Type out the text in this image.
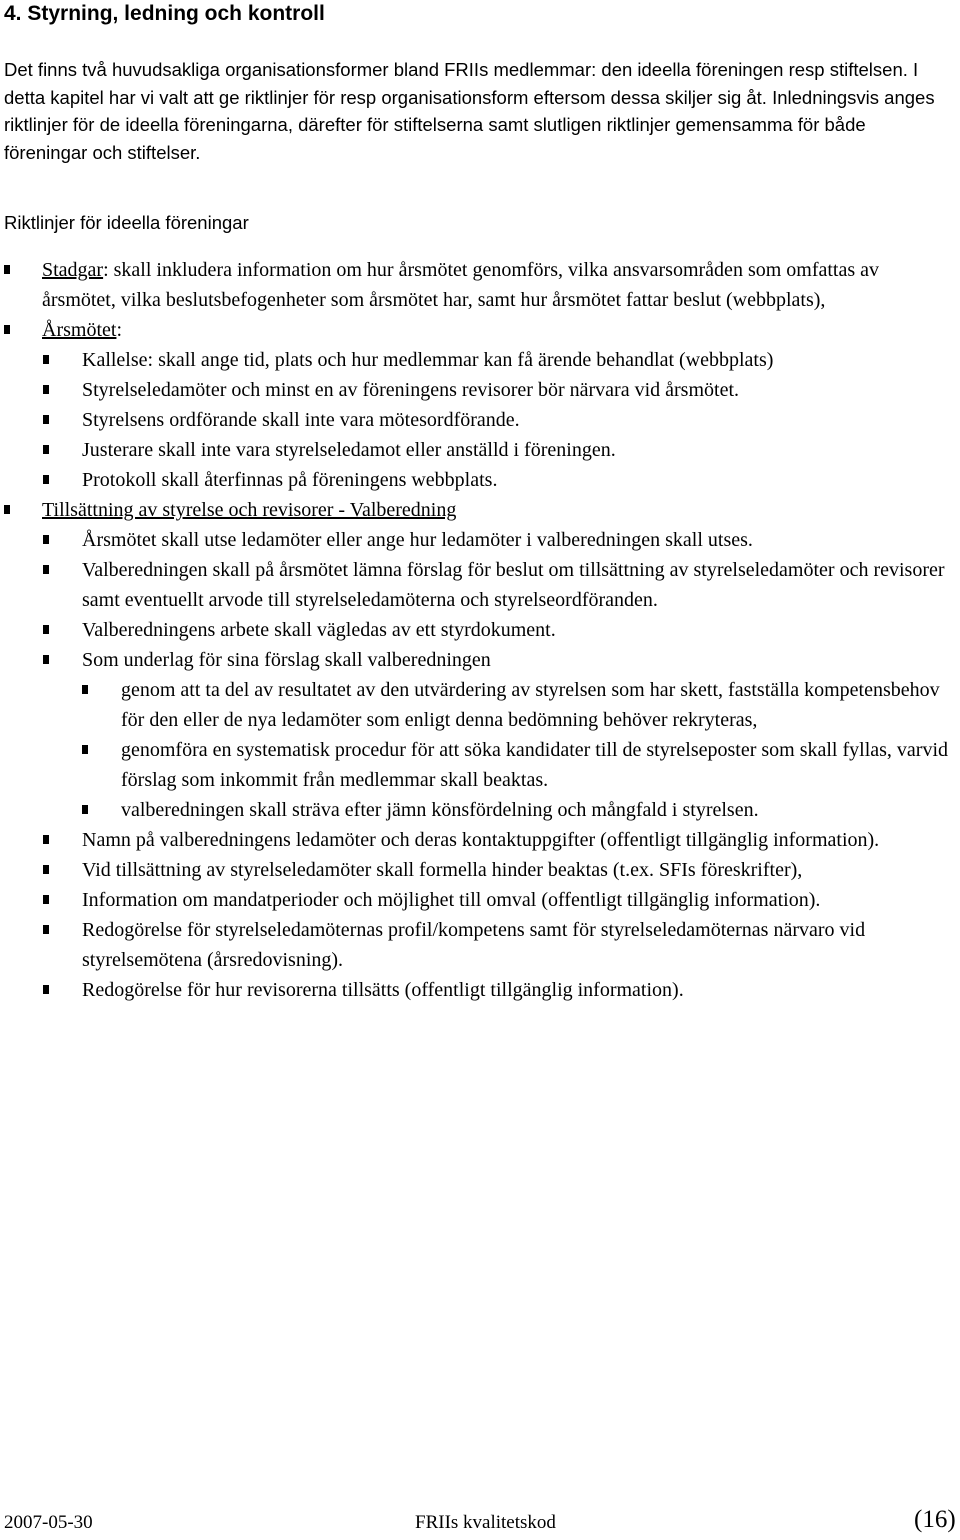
4. Styrning, ledning och kontroll

Det finns två huvudsakliga organisationsformer bland FRIIs medlemmar: den ideella föreningen resp stiftelsen. I detta kapitel har vi valt att ge riktlinjer för resp organisationsform eftersom dessa skiljer sig åt. Inledningsvis anges riktlinjer för de ideella föreningarna, därefter för stiftelserna samt slutligen riktlinjer gemensamma för både föreningar och stiftelser.

Riktlinjer för ideella föreningar

Stadgar: skall inkludera information om hur årsmötet genomförs, vilka ansvarsområden som omfattas av årsmötet, vilka beslutsbefogenheter som årsmötet har, samt hur årsmötet fattar beslut (webbplats),
Årsmötet:
Kallelse: skall ange tid, plats och hur medlemmar kan få ärende behandlat (webbplats)
Styrelseledamöter och minst en av föreningens revisorer bör närvara vid årsmötet.
Styrelsens ordförande skall inte vara mötesordförande.
Justerare skall inte vara styrelseledamot eller anställd i föreningen.
Protokoll skall återfinnas på föreningens webbplats.
Tillsättning av styrelse och revisorer - Valberedning
Årsmötet skall utse ledamöter eller ange hur ledamöter i valberedningen skall utses.
Valberedningen skall på årsmötet lämna förslag för beslut om tillsättning av styrelseledamöter och revisorer samt eventuellt arvode till styrelseledamöterna och styrelseordföranden.
Valberedningens arbete skall vägledas av ett styrdokument.
Som underlag för sina förslag skall valberedningen
genom att ta del av resultatet av den utvärdering av styrelsen som har skett, fastställa kompetensbehov för den eller de nya ledamöter som enligt denna bedömning behöver rekryteras,
genomföra en systematisk procedur för att söka kandidater till de styrelseposter som skall fyllas, varvid förslag som inkommit från medlemmar skall beaktas.
valberedningen skall sträva efter jämn könsfördelning och mångfald i styrelsen.
Namn på valberedningens ledamöter och deras kontaktuppgifter (offentligt tillgänglig information).
Vid tillsättning av styrelseledamöter skall formella hinder beaktas (t.ex. SFIs föreskrifter),
Information om mandatperioder och möjlighet till omval (offentligt tillgänglig information).
Redogörelse för styrelseledamöternas profil/kompetens samt för styrelseledamöternas närvaro vid styrelsemötena (årsredovisning).
Redogörelse för hur revisorerna tillsätts (offentligt tillgänglig information).
2007-05-30	FRIIs kvalitetskod	(16)
